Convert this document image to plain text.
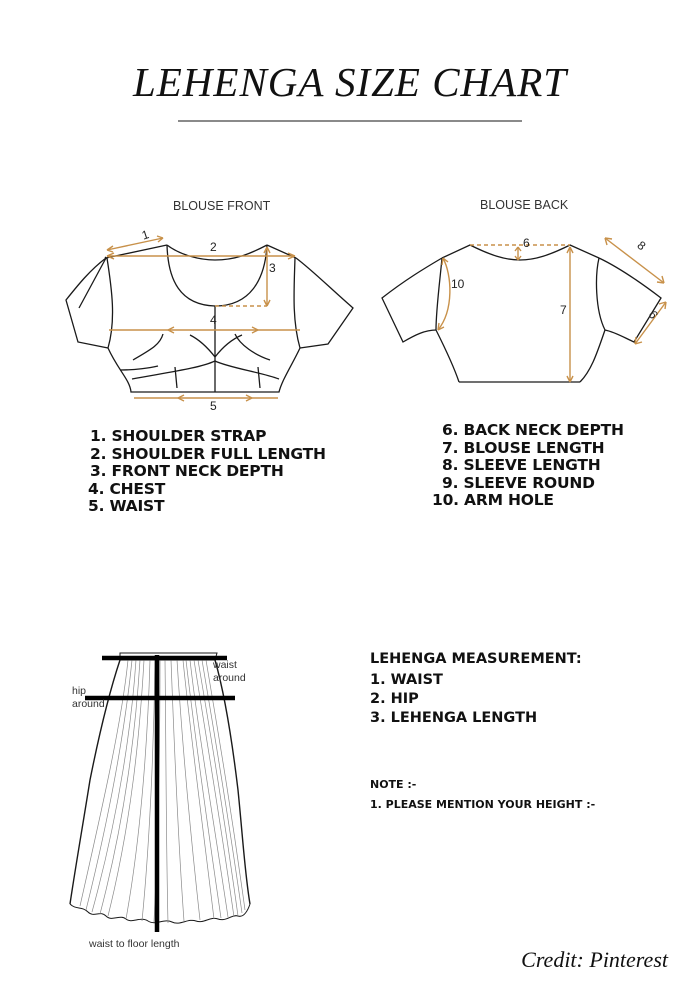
LEHENGA SIZE CHART
BLOUSE FRONT
1
2
3
4
5
BLOUSE BACK
6
7
8
9
10
1. SHOULDER STRAP
2. SHOULDER FULL LENGTH
3. FRONT NECK DEPTH
4. CHEST
5. WAIST
6. BACK NECK DEPTH
7. BLOUSE LENGTH
8. SLEEVE LENGTH
9. SLEEVE ROUND
10. ARM HOLE
waist
around
hip
around
waist to floor length
LEHENGA MEASUREMENT:
1. WAIST
2. HIP
3. LEHENGA LENGTH
NOTE :-
1. PLEASE MENTION YOUR HEIGHT :-
Credit: Pinterest
